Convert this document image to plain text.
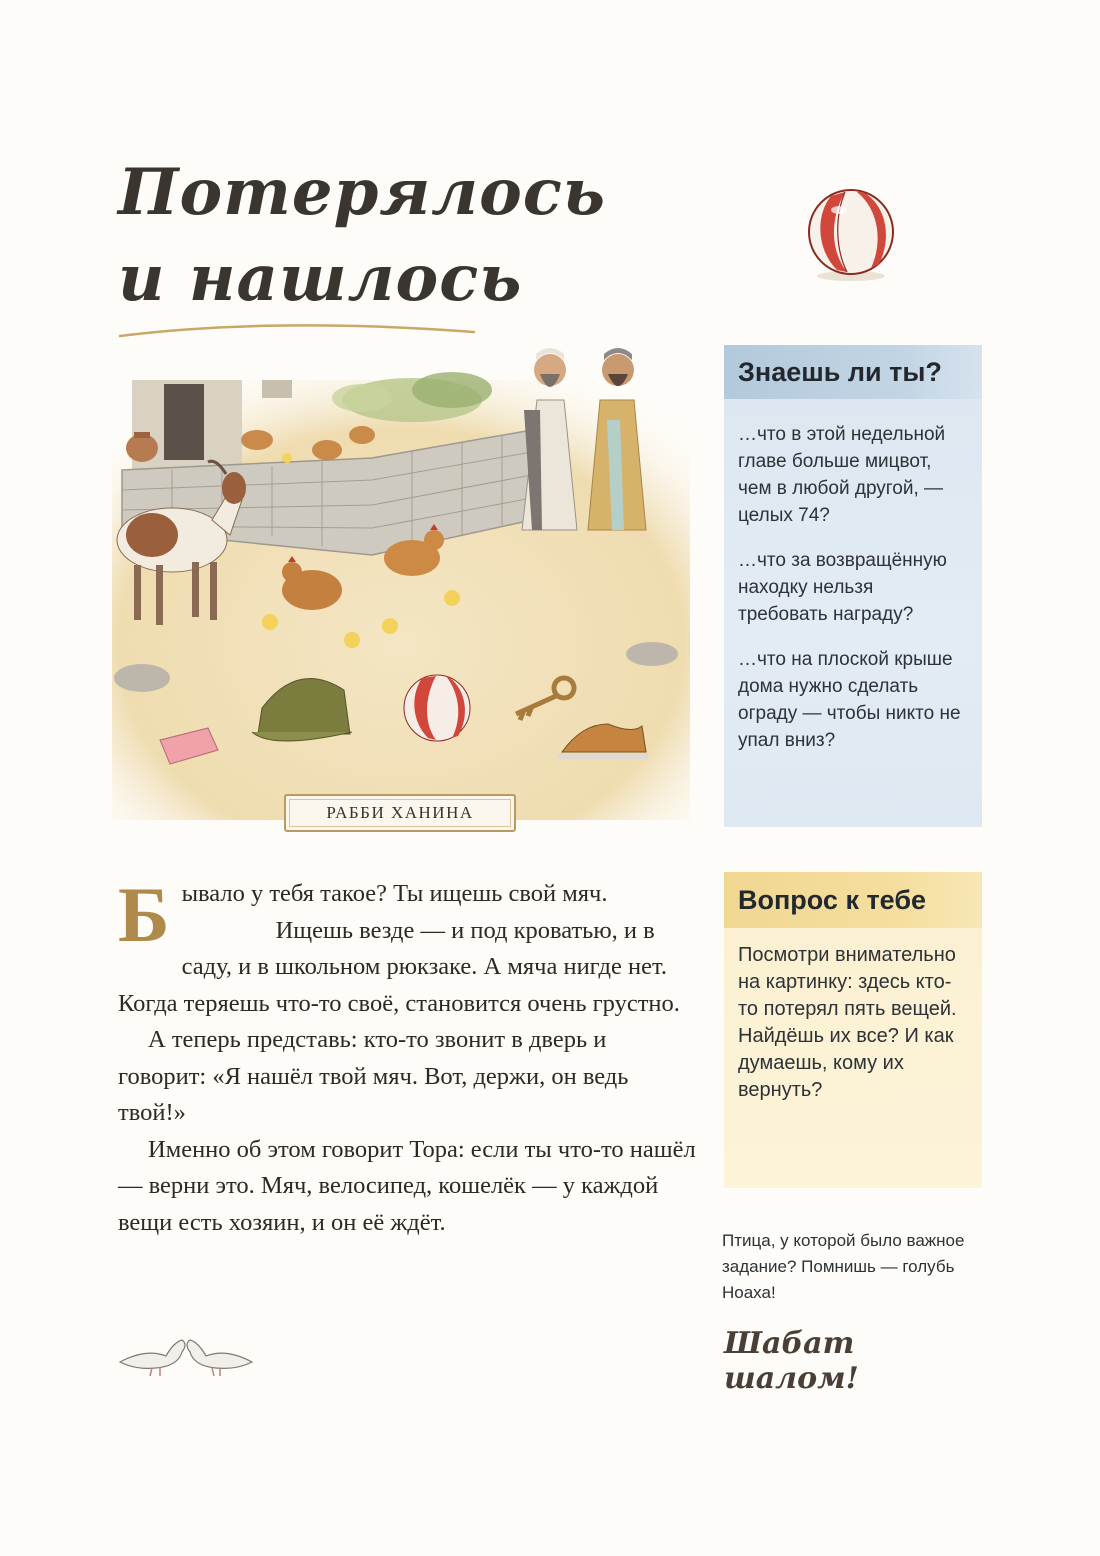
Потерялось
и нашлось
РАББИ ХАНИНА
Знаешь ли ты?
…что в этой недельной главе больше мицвот, чем в любой другой, — целых 74?
…что за возвращённую находку нельзя требовать награду?
…что на плоской крыше дома нужно сделать ограду — чтобы никто не упал вниз?
Вопрос к тебе
Посмотри внимательно на картинку: здесь кто-то потерял пять вещей. Найдёшь их все? И как думаешь, кому их вернуть?
Птица, у которой было важное задание? Помнишь — голубь Ноаха!
Шабат шалом!

Бывало у тебя такое? Ты ищешь свой мяч.
Ищешь везде — и под кроватью, и в саду, и в школьном рюкзаке. А мяча нигде нет. Когда теряешь что-то своё, становится очень грустно.

А теперь представь: кто-то звонит в дверь и говорит: «Я нашёл твой мяч. Вот, держи, он ведь твой!»

Именно об этом говорит Тора: если ты что-то нашёл — верни это. Мяч, велосипед, кошелёк — у каждой вещи есть хозяин, и он её ждёт.
